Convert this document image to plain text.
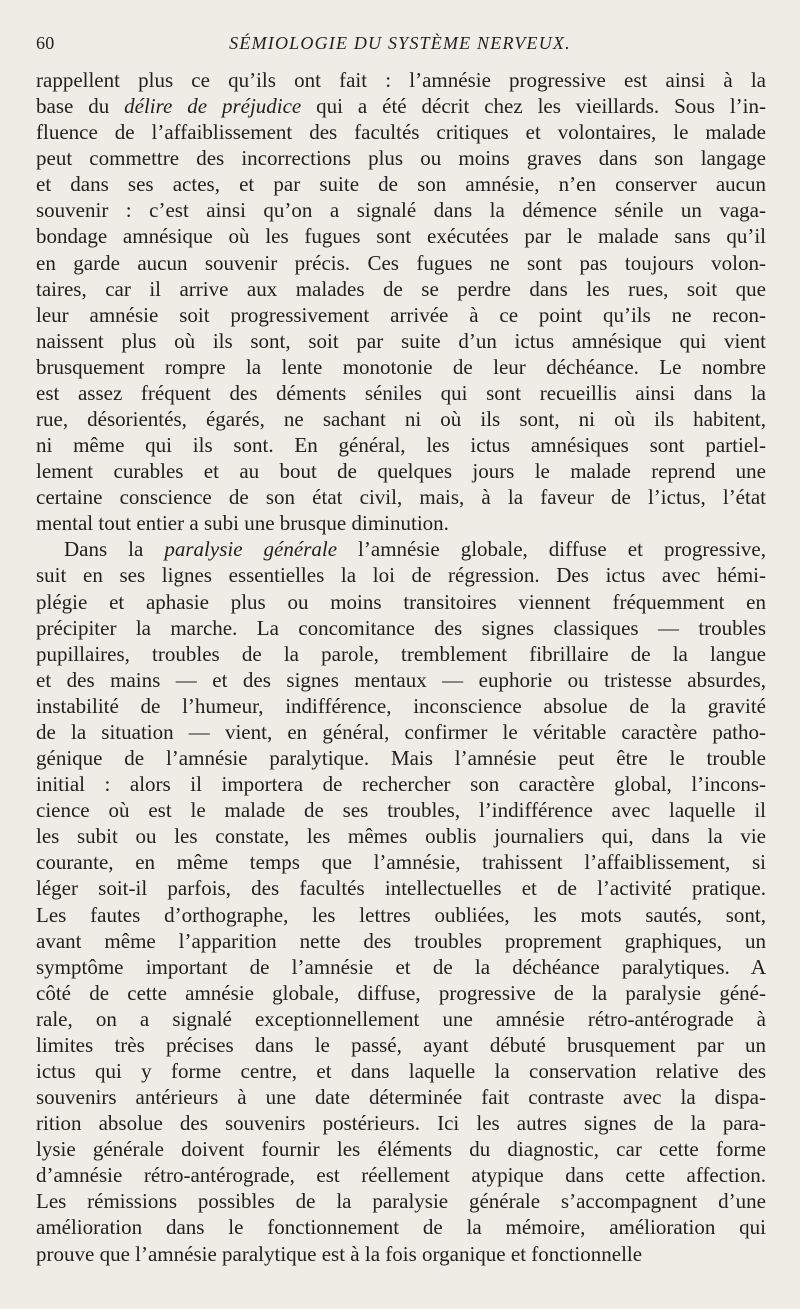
60	SÉMIOLOGIE DU SYSTÈME NERVEUX.
rappellent plus ce qu’ils ont fait : l’amnésie progressive est ainsi à la
base du délire de préjudice qui a été décrit chez les vieillards. Sous l’in-
fluence de l’affaiblissement des facultés critiques et volontaires, le malade
peut commettre des incorrections plus ou moins graves dans son langage
et dans ses actes, et par suite de son amnésie, n’en conserver aucun
souvenir : c’est ainsi qu’on a signalé dans la démence sénile un vaga-
bondage amnésique où les fugues sont exécutées par le malade sans qu’il
en garde aucun souvenir précis. Ces fugues ne sont pas toujours volon-
taires, car il arrive aux malades de se perdre dans les rues, soit que
leur amnésie soit progressivement arrivée à ce point qu’ils ne recon-
naissent plus où ils sont, soit par suite d’un ictus amnésique qui vient
brusquement rompre la lente monotonie de leur déchéance. Le nombre
est assez fréquent des déments séniles qui sont recueillis ainsi dans la
rue, désorientés, égarés, ne sachant ni où ils sont, ni où ils habitent,
ni même qui ils sont. En général, les ictus amnésiques sont partiel-
lement curables et au bout de quelques jours le malade reprend une
certaine conscience de son état civil, mais, à la faveur de l’ictus, l’état
mental tout entier a subi une brusque diminution.
Dans la paralysie générale l’amnésie globale, diffuse et progressive,
suit en ses lignes essentielles la loi de régression. Des ictus avec hémi-
plégie et aphasie plus ou moins transitoires viennent fréquemment en
précipiter la marche. La concomitance des signes classiques — troubles
pupillaires, troubles de la parole, tremblement fibrillaire de la langue
et des mains — et des signes mentaux — euphorie ou tristesse absurdes,
instabilité de l’humeur, indifférence, inconscience absolue de la gravité
de la situation — vient, en général, confirmer le véritable caractère patho-
génique de l’amnésie paralytique. Mais l’amnésie peut être le trouble
initial : alors il importera de rechercher son caractère global, l’incons-
cience où est le malade de ses troubles, l’indifférence avec laquelle il
les subit ou les constate, les mêmes oublis journaliers qui, dans la vie
courante, en même temps que l’amnésie, trahissent l’affaiblissement, si
léger soit-il parfois, des facultés intellectuelles et de l’activité pratique.
Les fautes d’orthographe, les lettres oubliées, les mots sautés, sont,
avant même l’apparition nette des troubles proprement graphiques, un
symptôme important de l’amnésie et de la déchéance paralytiques. A
côté de cette amnésie globale, diffuse, progressive de la paralysie géné-
rale, on a signalé exceptionnellement une amnésie rétro-antérograde à
limites très précises dans le passé, ayant débuté brusquement par un
ictus qui y forme centre, et dans laquelle la conservation relative des
souvenirs antérieurs à une date déterminée fait contraste avec la dispa-
rition absolue des souvenirs postérieurs. Ici les autres signes de la para-
lysie générale doivent fournir les éléments du diagnostic, car cette forme
d’amnésie rétro-antérograde, est réellement atypique dans cette affection.
Les rémissions possibles de la paralysie générale s’accompagnent d’une
amélioration dans le fonctionnement de la mémoire, amélioration qui
prouve que l’amnésie paralytique est à la fois organique et fonctionnelle
